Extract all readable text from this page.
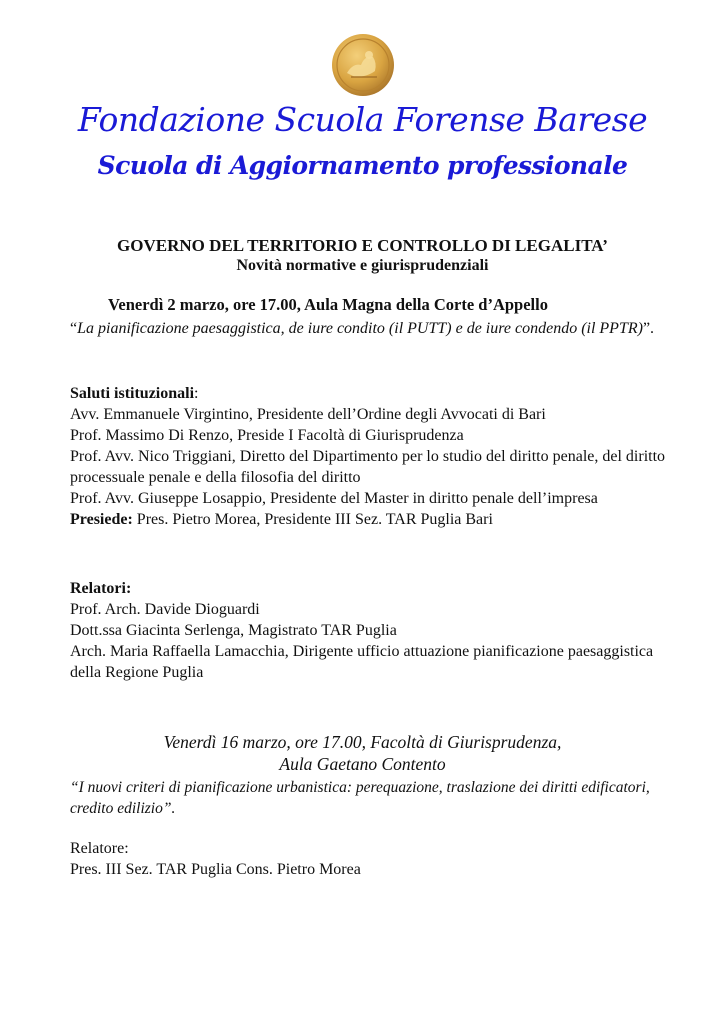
Fondazione Scuola Forense Barese
Scuola di Aggiornamento professionale
GOVERNO DEL TERRITORIO E CONTROLLO DI LEGALITA’
Novità normative e giurisprudenziali
Venerdì 2 marzo, ore 17.00, Aula Magna della Corte d’Appello

“La pianificazione paesaggistica, de iure condito (il PUTT) e de iure condendo (il PPTR)”.

Saluti istituzionali:

Avv. Emmanuele Virgintino, Presidente dell’Ordine degli Avvocati di Bari

Prof. Massimo Di Renzo, Preside I Facoltà di Giurisprudenza

Prof. Avv. Nico Triggiani, Diretto del Dipartimento per lo studio del diritto penale, del diritto processuale penale e della filosofia del diritto

Prof. Avv. Giuseppe Losappio, Presidente del Master in diritto penale dell’impresa

Presiede: Pres. Pietro Morea, Presidente III Sez. TAR Puglia Bari

Relatori:

Prof. Arch. Davide Dioguardi

Dott.ssa Giacinta Serlenga, Magistrato TAR Puglia

Arch. Maria Raffaella Lamacchia, Dirigente ufficio attuazione pianificazione paesaggistica della Regione Puglia

Venerdì 16 marzo, ore 17.00, Facoltà di Giurisprudenza,
Aula Gaetano Contento

“I nuovi criteri di pianificazione urbanistica: perequazione, traslazione dei diritti edificatori, credito edilizio”.

Relatore:

Pres. III Sez. TAR Puglia Cons. Pietro Morea
